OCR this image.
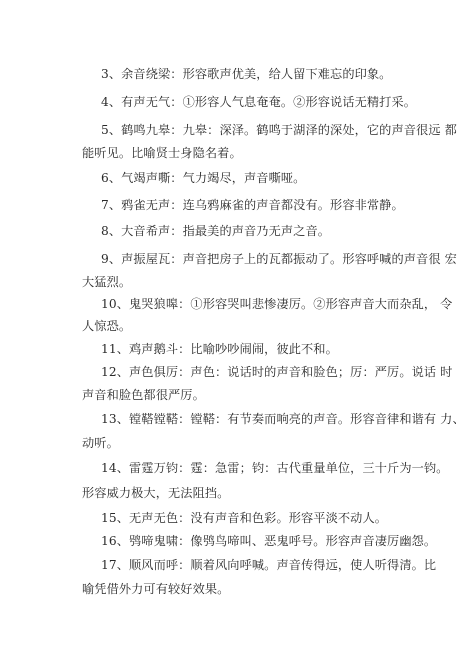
3、余音绕梁：形容歌声优美，给人留下难忘的印象。
4、有声无气：①形容人气息奄奄。②形容说话无精打采。
5、鹤鸣九皋：九皋：深泽。鹤鸣于湖泽的深处，它的声音很远 都
能听见。比喻贤士身隐名着。
6、气竭声嘶：气力竭尽，声音嘶哑。
7、鸦雀无声：连乌鸦麻雀的声音都没有。形容非常静。
8、大音希声：指最美的声音乃无声之音。
9、声振屋瓦：声音把房子上的瓦都振动了。形容呼喊的声音很 宏
大猛烈。
10、鬼哭狼嗥：①形容哭叫悲惨凄厉。②形容声音大而杂乱， 令
人惊恐。
11、鸡声鹅斗：比喻吵吵闹闹，彼此不和。
12、声色俱厉：声色：说话时的声音和脸色；厉：严厉。说话 时
声音和脸色都很严厉。
13、镗鞳镗鞳：镗鞳：有节奏而响亮的声音。形容音律和谐有 力、
动听。
14、雷霆万钧：霆：急雷；钧：古代重量单位，三十斤为一钧。
形容威力极大，无法阻挡。
15、无声无色：没有声音和色彩。形容平淡不动人。
16、鸮啼鬼啸：像鸮鸟啼叫、恶鬼呼号。形容声音凄厉幽怨。
17、顺风而呼：顺着风向呼喊。声音传得远，使人听得清。比
喻凭借外力可有较好效果。
